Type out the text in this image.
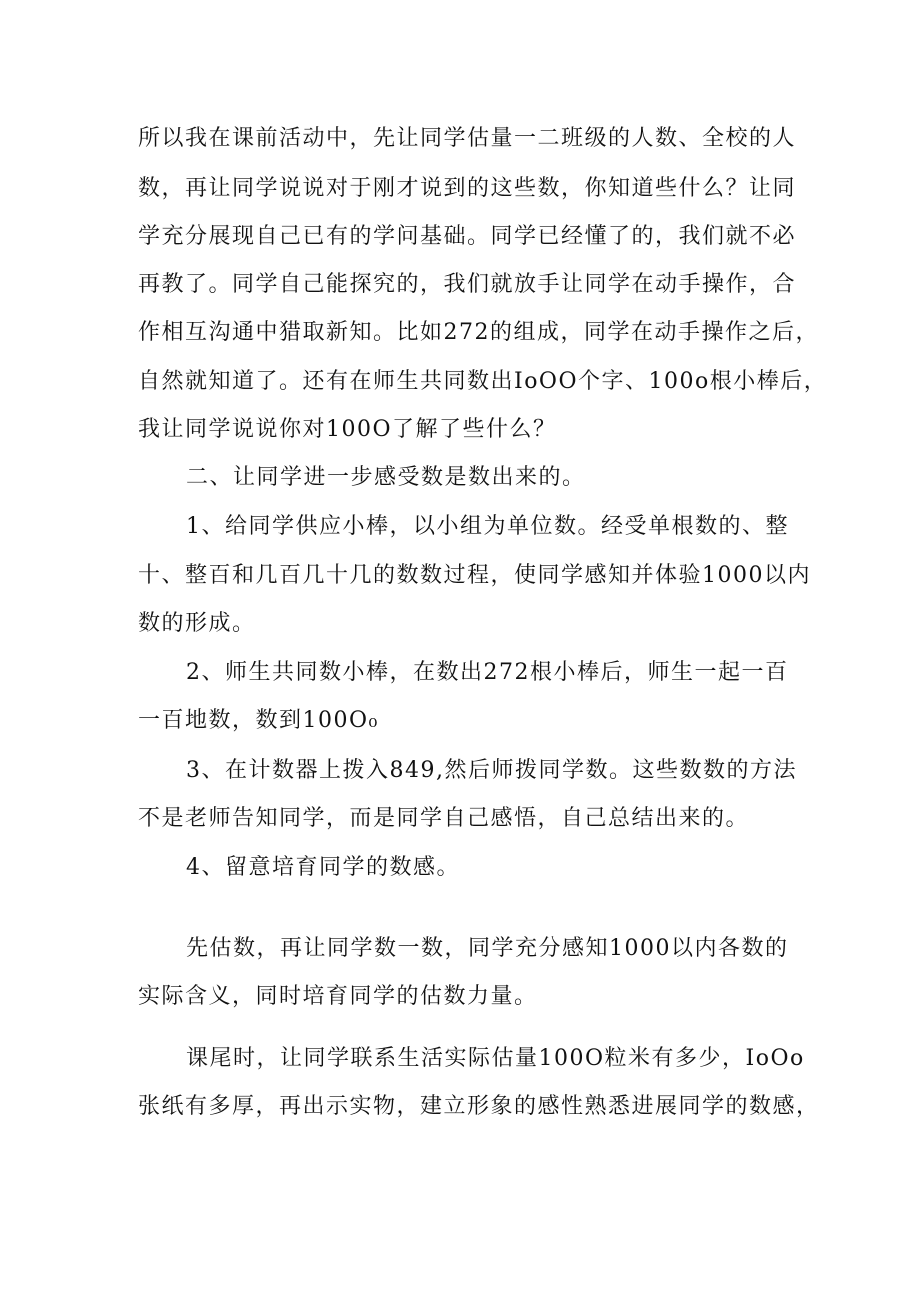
所以我在课前活动中，先让同学估量一二班级的人数、全校的人
数，再让同学说说对于刚才说到的这些数，你知道些什么？让同
学充分展现自己已有的学问基础。同学已经懂了的，我们就不必
再教了。同学自己能探究的，我们就放手让同学在动手操作，合
作相互沟通中猎取新知。比如272的组成，同学在动手操作之后，
自然就知道了。还有在师生共同数出IoOO个字、100o根小棒后，
我让同学说说你对100O了解了些什么？
二、让同学进一步感受数是数出来的。
1、给同学供应小棒，以小组为单位数。经受单根数的、整
十、整百和几百几十几的数数过程，使同学感知并体验1000以内
数的形成。
2、师生共同数小棒，在数出272根小棒后，师生一起一百
一百地数，数到100O₀
3、在计数器上拨入849,然后师拨同学数。这些数数的方法
不是老师告知同学，而是同学自己感悟，自己总结出来的。
4、留意培育同学的数感。
先估数，再让同学数一数，同学充分感知1000以内各数的
实际含义，同时培育同学的估数力量。
课尾时，让同学联系生活实际估量100O粒米有多少，IoOo
张纸有多厚，再出示实物，建立形象的感性熟悉进展同学的数感，
